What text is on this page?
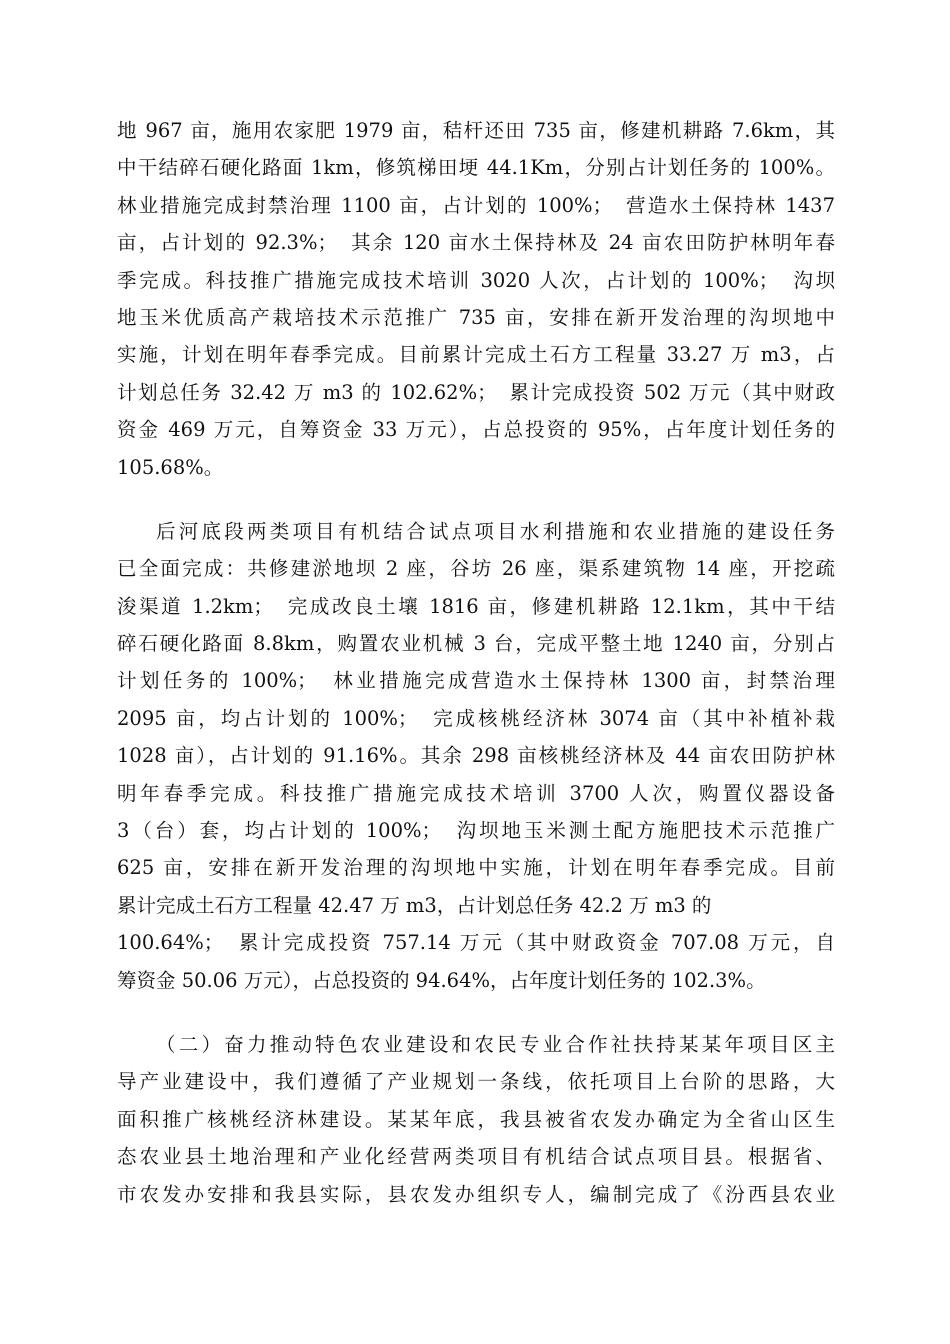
地 967 亩，施用农家肥 1979 亩，秸杆还田 735 亩，修建机耕路 7.6km，其
中干结碎石硬化路面 1km，修筑梯田埂 44.1Km，分别占计划任务的 100%。
林业措施完成封禁治理 1100 亩，占计划的 100%；　营造水土保持林 1437
亩，占计划的 92.3%；　其余 120 亩水土保持林及 24 亩农田防护林明年春
季完成。科技推广措施完成技术培训 3020 人次，占计划的 100%；　沟坝
地玉米优质高产栽培技术示范推广 735 亩，安排在新开发治理的沟坝地中
实施，计划在明年春季完成。目前累计完成土石方工程量 33.27 万 m3，占
计划总任务 32.42 万 m3 的 102.62%；　累计完成投资 502 万元（其中财政
资金 469 万元，自筹资金 33 万元），占总投资的 95%，占年度计划任务的
105.68%。
后河底段两类项目有机结合试点项目水利措施和农业措施的建设任务
已全面完成：共修建淤地坝 2 座，谷坊 26 座，渠系建筑物 14 座，开挖疏
浚渠道 1.2km；　完成改良土壤 1816 亩，修建机耕路 12.1km，其中干结
碎石硬化路面 8.8km，购置农业机械 3 台，完成平整土地 1240 亩，分别占
计划任务的 100%；　林业措施完成营造水土保持林 1300 亩，封禁治理
2095 亩，均占计划的 100%；　完成核桃经济林 3074 亩（其中补植补栽
1028 亩），占计划的 91.16%。其余 298 亩核桃经济林及 44 亩农田防护林
明年春季完成。科技推广措施完成技术培训 3700 人次，购置仪器设备
3（台）套，均占计划的 100%；　沟坝地玉米测土配方施肥技术示范推广
625 亩，安排在新开发治理的沟坝地中实施，计划在明年春季完成。目前
累计完成土石方工程量 42.47 万 m3，占计划总任务 42.2 万 m3 的
100.64%；　累计完成投资 757.14 万元（其中财政资金 707.08 万元，自
筹资金 50.06 万元），占总投资的 94.64%，占年度计划任务的 102.3%。
（二）奋力推动特色农业建设和农民专业合作社扶持某某年项目区主
导产业建设中，我们遵循了产业规划一条线，依托项目上台阶的思路，大
面积推广核桃经济林建设。某某年底，我县被省农发办确定为全省山区生
态农业县土地治理和产业化经营两类项目有机结合试点项目县。根据省、
市农发办安排和我县实际，县农发办组织专人，编制完成了《汾西县农业
